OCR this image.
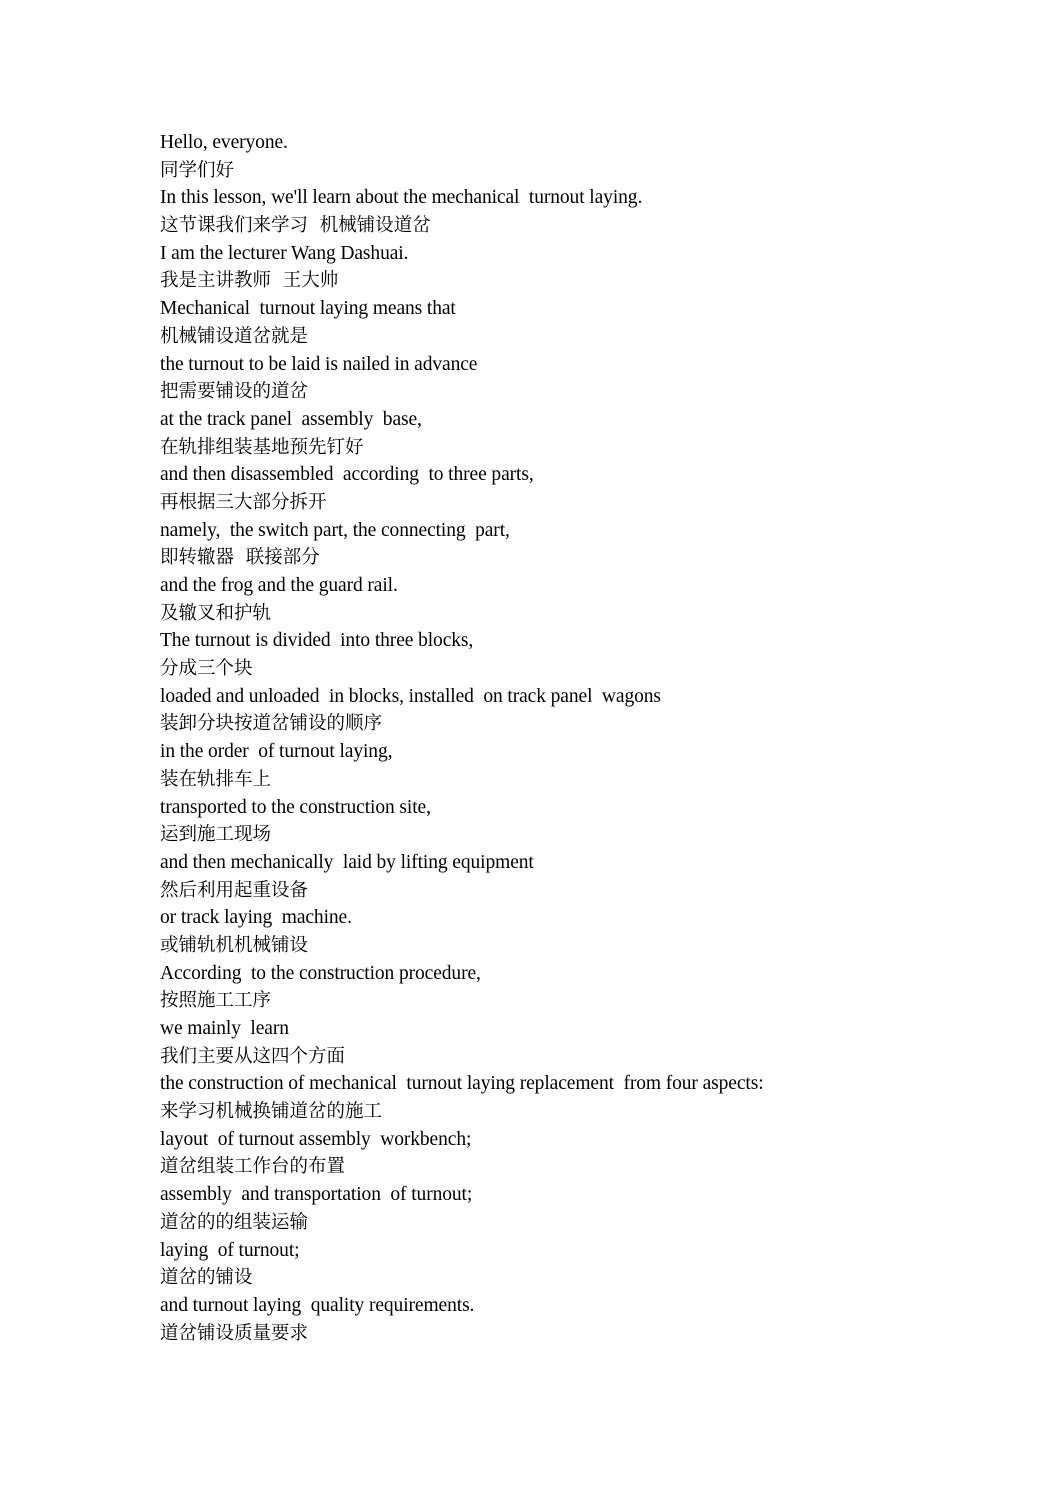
Hello, everyone.
同学们好
In this lesson, we'll learn about the mechanical  turnout laying.
这节课我们来学习  机械铺设道岔
I am the lecturer Wang Dashuai.
我是主讲教师  王大帅
Mechanical  turnout laying means that
机械铺设道岔就是
the turnout to be laid is nailed in advance
把需要铺设的道岔
at the track panel  assembly  base,
在轨排组装基地预先钉好
and then disassembled  according  to three parts,
再根据三大部分拆开
namely,  the switch part, the connecting  part,
即转辙器  联接部分
and the frog and the guard rail.
及辙叉和护轨
The turnout is divided  into three blocks,
分成三个块
loaded and unloaded  in blocks, installed  on track panel  wagons
装卸分块按道岔铺设的顺序
in the order  of turnout laying,
装在轨排车上
transported to the construction site,
运到施工现场
and then mechanically  laid by lifting equipment
然后利用起重设备
or track laying  machine.
或铺轨机机械铺设
According  to the construction procedure,
按照施工工序
we mainly  learn
我们主要从这四个方面
the construction of mechanical  turnout laying replacement  from four aspects:
来学习机械换铺道岔的施工
layout  of turnout assembly  workbench;
道岔组装工作台的布置
assembly  and transportation  of turnout;
道岔的的组装运输
laying  of turnout;
道岔的铺设
and turnout laying  quality requirements.
道岔铺设质量要求
